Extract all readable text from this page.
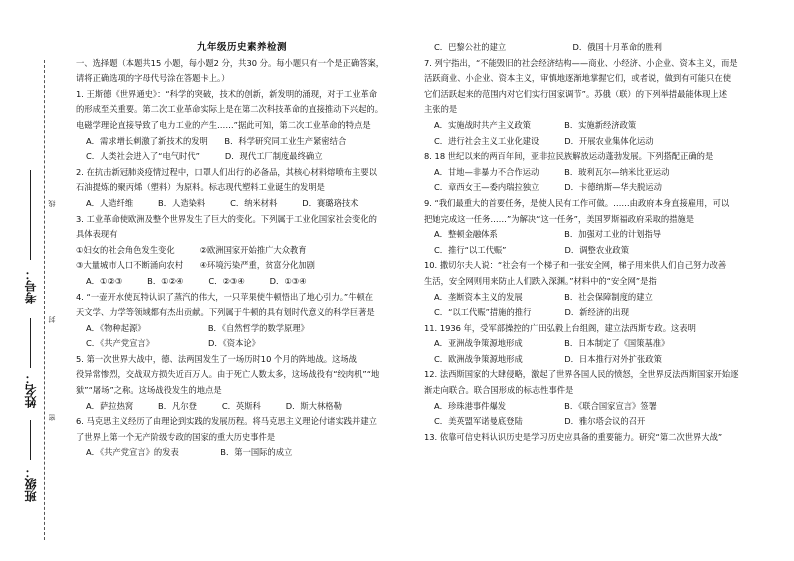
考号：
姓名：
班级：
线
封
密

九年级历史素养检测

一、选择题（本题共15 小题，每小题2 分，共30 分。每小题只有一个是正确答案，

请将正确选项的字母代号涂在答题卡上。）

1. 王斯德《世界通史》：“科学的突破，技术的创新，新发明的涌现，对于工业革命

的形成至关重要。第二次工业革命实际上是在第二次科技革命的直接推动下兴起的。

电磁学理论直接导致了电力工业的产生……”据此可知，第二次工业革命的特点是

A．需求增长刺激了新技术的发明　　B．科学研究同工业生产紧密结合

C．人类社会进入了“电气时代”　　　D．现代工厂制度最终确立

2. 在抗击新冠肺炎疫情过程中，口罩人们出行的必备品，其核心材料熔喷布主要以

石油提炼的聚丙烯（塑料）为原料。标志现代塑料工业诞生的发明是

A．人造纤维　　　B．人造染料　　　C．纳米材料　　　D．赛璐珞技术

3. 工业革命使欧洲及整个世界发生了巨大的变化。下列属于工业化国家社会变化的

具体表现有

①妇女的社会角色发生变化　　　②欧洲国家开始推广大众教育

③大量城市人口不断涌向农村　　④环境污染严重，贫富分化加剧

A．①②③　　　B．①②④　　　C．②③④　　　D．①③④

4. “一壶开水使瓦特认识了蒸汽的伟大，一只苹果使牛顿悟出了地心引力。”牛顿在

天文学、力学等领域都有杰出贡献。下列属于牛顿的具有划时代意义的科学巨著是

A．《物种起源》　　　　　　　　B．《自然哲学的数学原理》

C．《共产党宣言》　　　　　　　D．《资本论》

5. 第一次世界大战中，德、法两国发生了一场历时10 个月的阵地战。这场战

役异常惨烈，交战双方损失近百万人。由于死亡人数太多，这场战役有“绞肉机”“地

狱”“屠场”之称。这场战役发生的地点是

A．萨拉热窝　　　B．凡尔登　　　C．英斯科　　　D．斯大林格勒

6. 马克思主义经历了由理论到实践的发展历程。将马克思主义理论付诸实践并建立

了世界上第一个无产阶级专政的国家的重大历史事件是

A．《共产党宣言》的发表　　　　　B．第一国际的成立

C．巴黎公社的建立　　　　　　　　D．俄国十月革命的胜利

7. 列宁指出，“不能毁旧的社会经济结构——商业、小经济、小企业、资本主义，而是

活跃商业、小企业、资本主义，审慎地逐渐地掌握它们，或者说，做到有可能只在使

它们活跃起来的范围内对它们实行国家调节”。苏俄（联）的下列举措最能体现上述

主张的是

A．实施战时共产主义政策　　　　B．实施新经济政策

C．进行社会主义工业化建设　　　D．开展农业集体化运动

8. 18 世纪以来的两百年间，亚非拉民族解放运动蓬勃发展。下列搭配正确的是

A．甘地—非暴力不合作运动　　　B．玻利瓦尔—纳米比亚运动

C．章西女王—委内瑞拉独立　　　D．卡德纳斯—华夫脱运动

9. “我们最重大的首要任务，是使人民有工作可做。……由政府本身直接雇用，可以

把她完成这一任务……”为解决“这一任务”，美国罗斯福政府采取的措施是

A．整顿金融体系　　　　　　　　B．加强对工业的计划指导

C．推行“以工代赈”　　　　　　　D．调整农业政策

10. 撒切尔夫人说：“社会有一个梯子和一张安全网，梯子用来供人们自己努力改善

生活，安全网则用来防止人们跌入深渊。”材料中的“安全网”是指

A．垄断资本主义的发展　　　　　B．社会保障制度的建立

C．“以工代赈”措施的推行　　　　D．新经济的出现

11. 1936 年，受军部操控的广田弘毅上台组阁，建立法西斯专政。这表明

A．亚洲战争策源地形成　　　　　B．日本制定了《国策基准》

C．欧洲战争策源地形成　　　　　D．日本推行对外扩张政策

12. 法西斯国家的大肆侵略，激起了世界各国人民的愤怒，全世界反法西斯国家开始逐

渐走向联合。联合国形成的标志性事件是

A．珍珠港事件爆发　　　　　　　B．《联合国家宣言》签署

C．美英盟军诺曼底登陆　　　　　D．雅尔塔会议的召开

13. 依靠可信史料认识历史是学习历史应具备的重要能力。研究“第二次世界大战”
